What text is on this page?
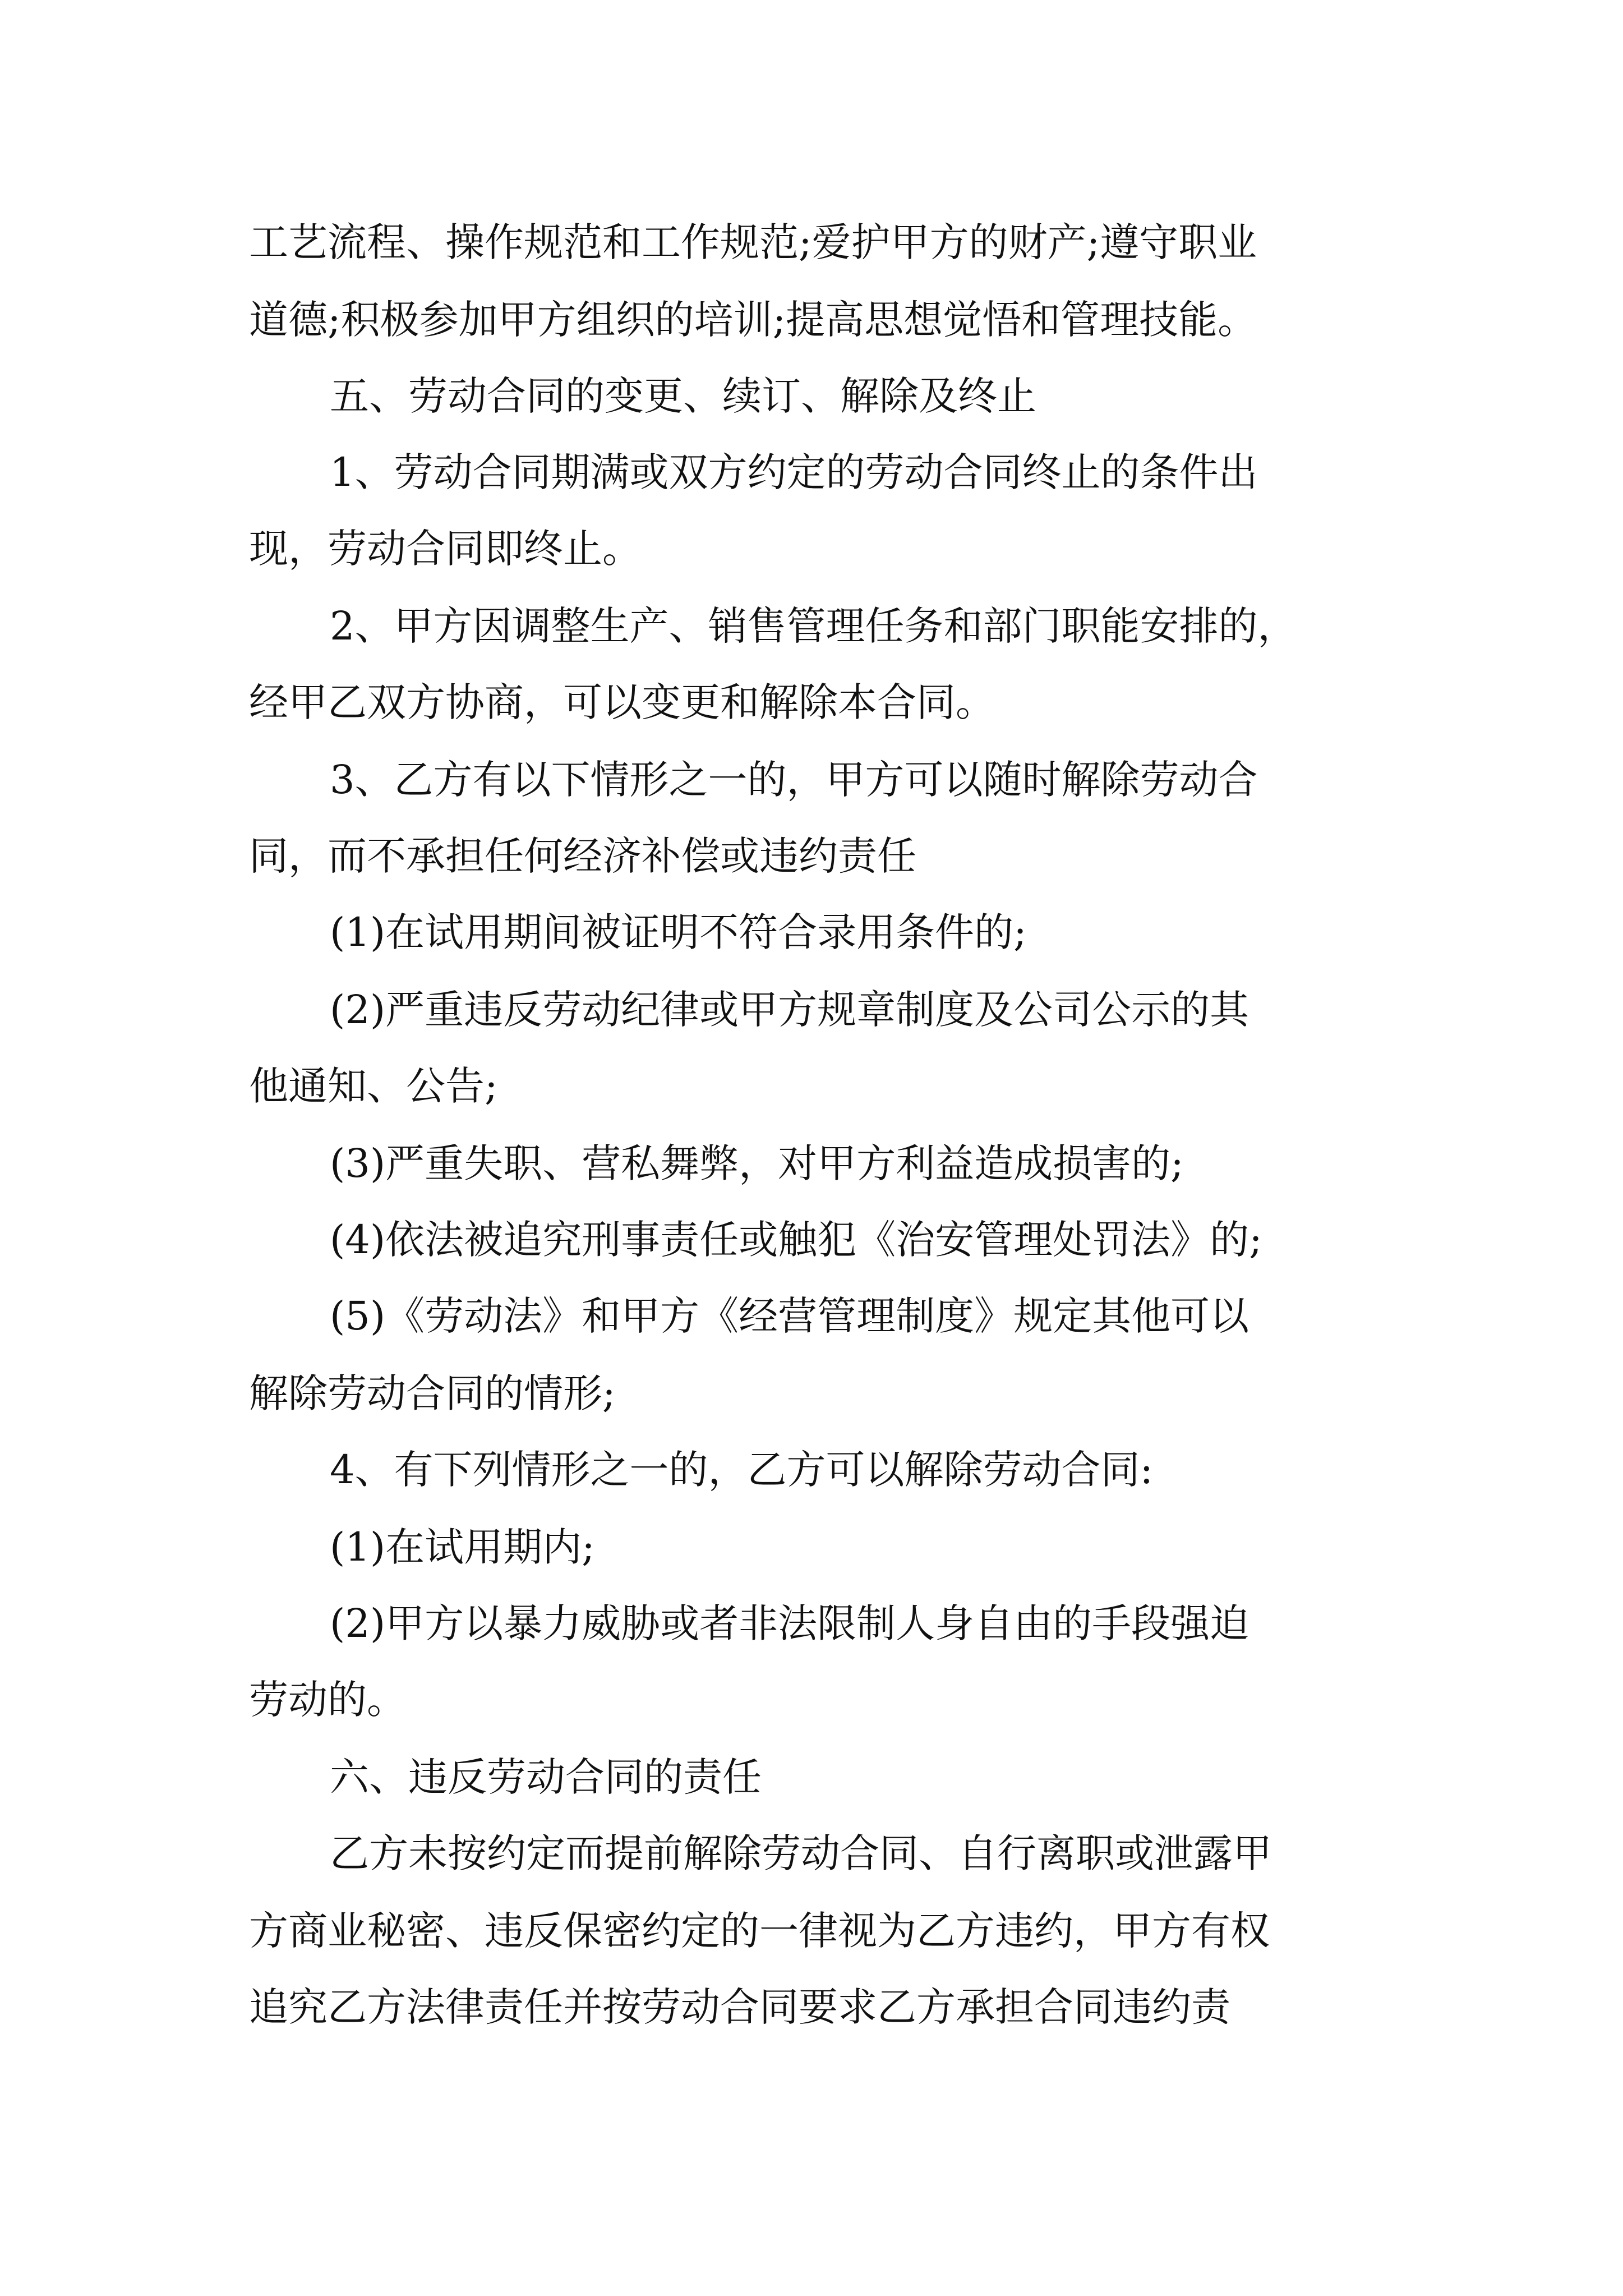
工艺流程、操作规范和工作规范;爱护甲方的财产;遵守职业
道德;积极参加甲方组织的培训;提高思想觉悟和管理技能。
五、劳动合同的变更、续订、解除及终止
1、劳动合同期满或双方约定的劳动合同终止的条件出
现，劳动合同即终止。
2、甲方因调整生产、销售管理任务和部门职能安排的，
经甲乙双方协商，可以变更和解除本合同。
3、乙方有以下情形之一的，甲方可以随时解除劳动合
同，而不承担任何经济补偿或违约责任
(1)在试用期间被证明不符合录用条件的;
(2)严重违反劳动纪律或甲方规章制度及公司公示的其
他通知、公告;
(3)严重失职、营私舞弊，对甲方利益造成损害的;
(4)依法被追究刑事责任或触犯《治安管理处罚法》的;
(5)《劳动法》和甲方《经营管理制度》规定其他可以
解除劳动合同的情形;
4、有下列情形之一的，乙方可以解除劳动合同:
(1)在试用期内;
(2)甲方以暴力威胁或者非法限制人身自由的手段强迫
劳动的。
六、违反劳动合同的责任
乙方未按约定而提前解除劳动合同、自行离职或泄露甲
方商业秘密、违反保密约定的一律视为乙方违约，甲方有权
追究乙方法律责任并按劳动合同要求乙方承担合同违约责
